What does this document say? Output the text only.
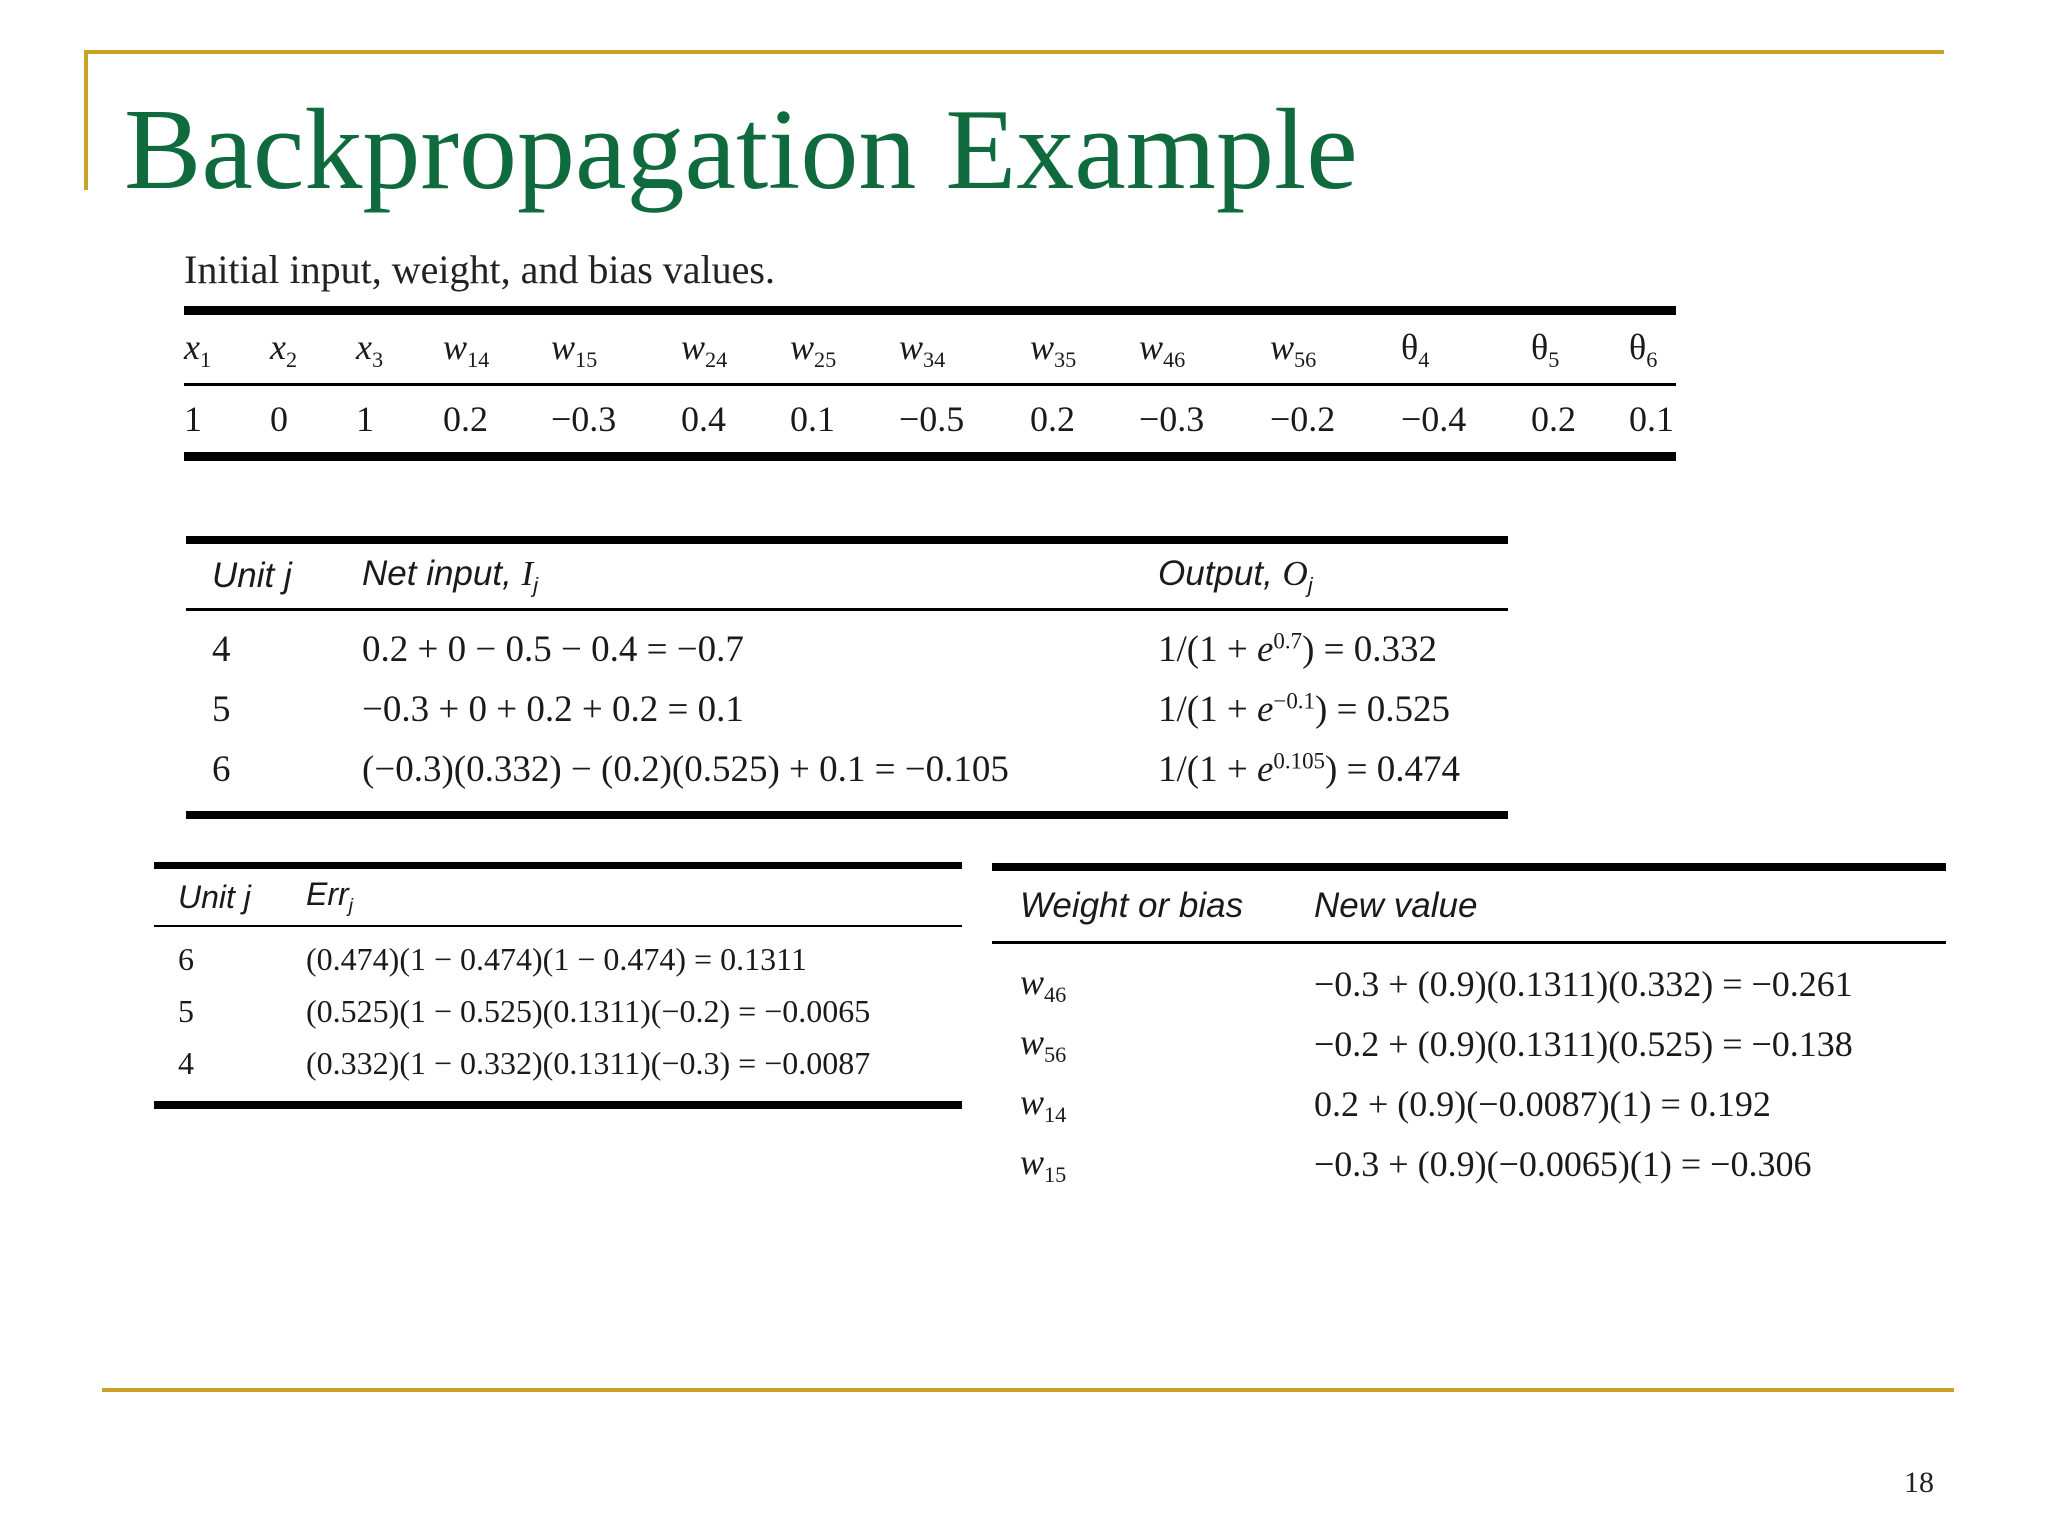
Backpropagation Example
Initial input, weight, and bias values.
$x_1$	$x_2$	$x_3$	$w_{14}$	$w_{15}$	$w_{24}$	$w_{25}$	$w_{34}$	$w_{35}$	$w_{46}$	$w_{56}$	$\theta_4$	$\theta_5$	$\theta_6$
1	0	1	0.2	−0.3	0.4	0.1	−0.5	0.2	−0.3	−0.2	−0.4	0.2	0.1
Unit j	Net input, $I_j$	Output, $O_j$
4	0.2 + 0 − 0.5 − 0.4 = −0.7	$1/(1 + e^{0.7}) = 0.332$
5	−0.3 + 0 + 0.2 + 0.2 = 0.1	$1/(1 + e^{-0.1}) = 0.525$
6	(−0.3)(0.332) − (0.2)(0.525) + 0.1 = −0.105	$1/(1 + e^{0.105}) = 0.474$
Unit j	Err$_j$
6	(0.474)(1 − 0.474)(1 − 0.474) = 0.1311
5	(0.525)(1 − 0.525)(0.1311)(−0.2) = −0.0065
4	(0.332)(1 − 0.332)(0.1311)(−0.3) = −0.0087
Weight or bias	New value
$w_{46}$	−0.3 + (0.9)(0.1311)(0.332) = −0.261
$w_{56}$	−0.2 + (0.9)(0.1311)(0.525) = −0.138
$w_{14}$	0.2 + (0.9)(−0.0087)(1) = 0.192
$w_{15}$	−0.3 + (0.9)(−0.0065)(1) = −0.306
18
